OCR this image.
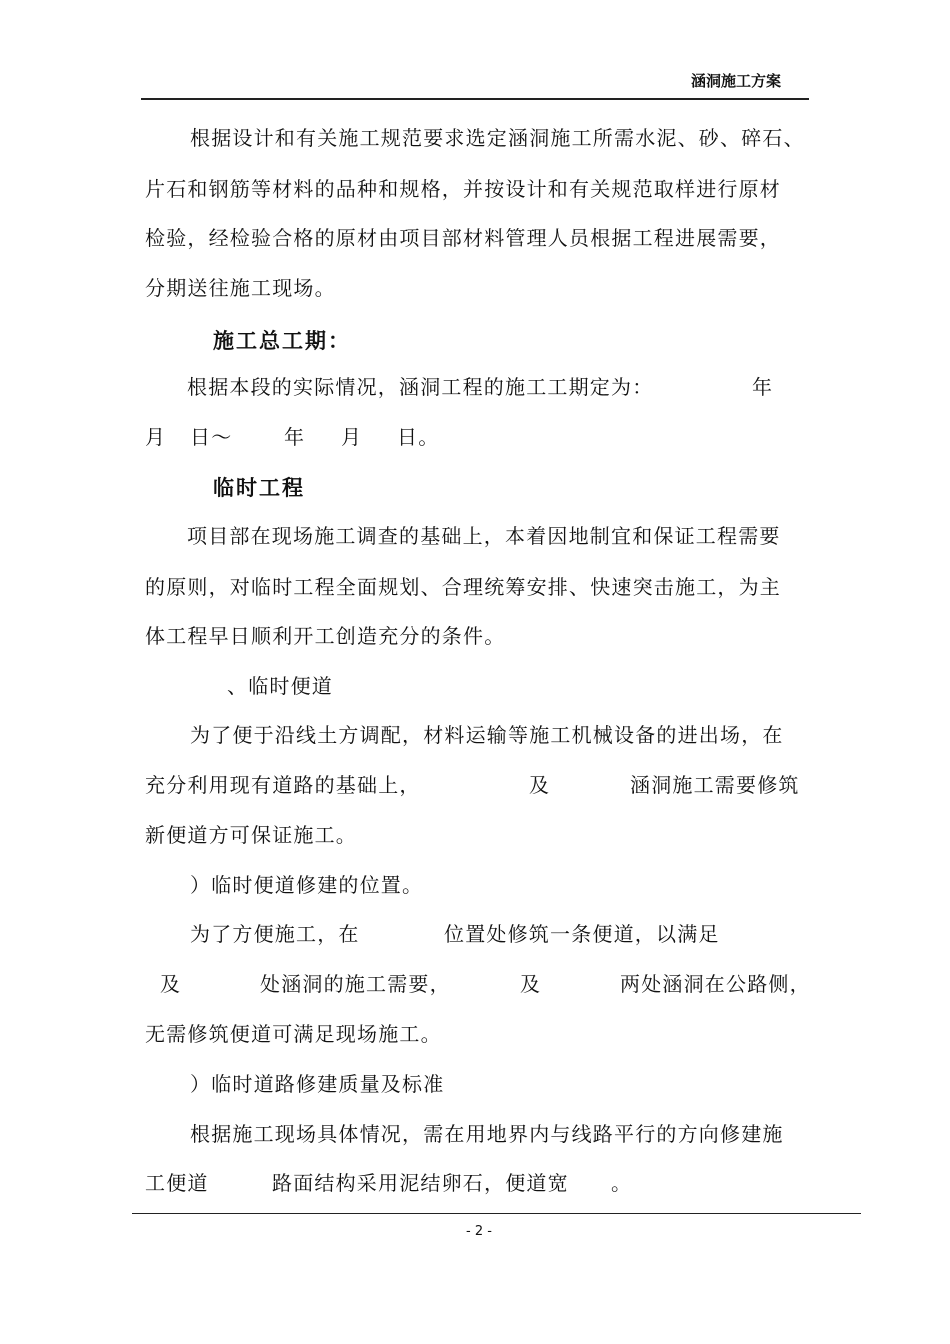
涵洞施工方案
根据设计和有关施工规范要求选定涵洞施工所需水泥、砂、碎石、
片石和钢筋等材料的品种和规格，并按设计和有关规范取样进行原材
检验，经检验合格的原材由项目部材料管理人员根据工程进展需要，
分期送往施工现场。
施工总工期：
根据本段的实际情况，涵洞工程的施工工期定为：	年
月 日～	年 月 日。
临时工程
项目部在现场施工调查的基础上，本着因地制宜和保证工程需要
的原则，对临时工程全面规划、合理统筹安排、快速突击施工，为主
体工程早日顺利开工创造充分的条件。
、临时便道
为了便于沿线土方调配，材料运输等施工机械设备的进出场，在
充分利用现有道路的基础上，	及	涵洞施工需要修筑
新便道方可保证施工。
）临时便道修建的位置。
为了方便施工，在	位置处修筑一条便道，以满足
及	处涵洞的施工需要，	及	两处涵洞在公路侧，
无需修筑便道可满足现场施工。
）临时道路修建质量及标准
根据施工现场具体情况，需在用地界内与线路平行的方向修建施
工便道	路面结构采用泥结卵石，便道宽 。
- 2 -
